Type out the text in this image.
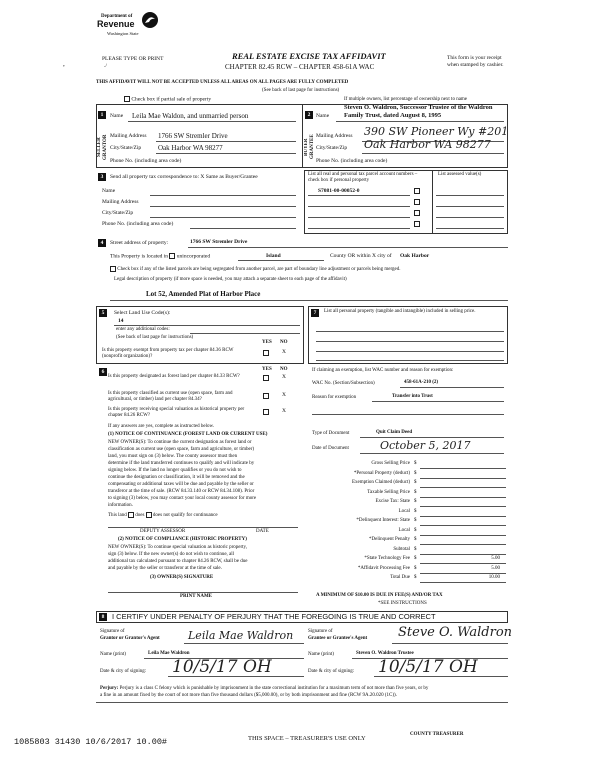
Department of
Revenue
Washington State
PLEASE TYPE OR PRINT
./
,
REAL ESTATE EXCISE TAX AFFIDAVIT
CHAPTER 82.45 RCW – CHAPTER 458-61A WAC
This form is your receipt
when stamped by cashier.
THIS AFFIDAVIT WILL NOT BE ACCEPTED UNLESS ALL AREAS ON ALL PAGES ARE FULLY COMPLETED
(See back of last page for instructions)
Check box if partial sale of property	If multiple owners, list percentage of ownership next to name
SELLER GRANTOR
1	Name Leila Mae Waldon, and unmarried person
Mailing Address 1766 SW Stremler Drive
City/State/Zip Oak Harbor WA 98277
Phone No. (including area code)
BUYER GRANTEE
2	Name
Steven O. Waldron, Successor Trustee of the Waldron
Family Trust, dated August 8, 1995
Mailing Address 390 SW Pioneer Wy #201
City/State/Zip Oak Harbor WA 98277
Phone No. (including area code)
3	Send all property tax correspondence to: X Same as Buyer/Grantee
Name
Mailing Address
City/State/Zip
Phone No. (including area code)
List all real and personal tax parcel account numbers – check box if personal property
List assessed value(s)
S7081-00-00052-0
4	Street address of property:	1766 SW Stremler Drive
This Property is located in unincorporated	Island	County OR within X city of Oak Harbor
Check box if any of the listed parcels are being segregated from another parcel, are part of boundary line adjustment or parcels being merged.
Legal description of property (if more space is needed, you may attach a separate sheet to each page of the affidavit)
Lot 52, Amended Plat of Harbor Place
5	Select Land Use Code(s):
14
enter any additional codes:
(See back of last page for instructions)
YES NO
Is this property exempt from property tax per chapter 84.36 RCW (nonprofit organization)?
X
6	YES NO
Is this property designated as forest land per chapter 84.33 RCW?	X
Is this property classified as current use (open space, farm and agricultural, or timber) land per chapter 84.34?
X
Is this property receiving special valuation as historical property per chapter 84.26 RCW?
X
If any answers are yes, complete as instructed below.
(1) NOTICE OF CONTINUANCE (FOREST LAND OR CURRENT USE)
NEW OWNER(S): To continue the current designation as forest land or
classification as current use (open space, farm and agriculture, or timber)
land, you must sign on (3) below. The county assessor must then
determine if the land transferred continues to qualify and will indicate by
signing below. If the land no longer qualifies or you do not wish to
continue the designation or classification, it will be removed and the
compensating or additional taxes will be due and payable by the seller or
transferor at the time of sale. (RCW 84.33.140 or RCW 84.34.108). Prior
to signing (3) below, you may contact your local county assessor for more
information.
This land does does not qualify for continuance
DEPUTY ASSESSOR	DATE
(2) NOTICE OF COMPLIANCE (HISTORIC PROPERTY)
NEW OWNER(S): To continue special valuation as historic property,
sign (3) below. If the new owner(s) do not wish to continue, all
additional tax calculated pursuant to chapter 84.26 RCW, shall be due
and payable by the seller or transferor at the time of sale.
(3) OWNER(S) SIGNATURE
PRINT NAME
7	List all personal property (tangible and intangible) included in selling price.
If claiming an exemption, list WAC number and reason for exemption:
WAC No. (Section/Subsection)	458-61A-210 (2)
Reason for exemption	Transfer into Trust
Type of Document	Quit Claim Deed
Date of Document	October 5, 2017
Gross Selling Price $
*Personal Property (deduct) $
Exemption Claimed (deduct) $
Taxable Selling Price $
Excise Tax: State $
Local $
*Delinquent Interest: State $
Local $
*Delinquent Penalty $
Subtotal $
*State Technology Fee $	5.00
*Affidavit Processing Fee $	5.00
Total Due $	10.00
A MINIMUM OF $10.00 IS DUE IN FEE(S) AND/OR TAX
*SEE INSTRUCTIONS
8	I CERTIFY UNDER PENALTY OF PERJURY THAT THE FOREGOING IS TRUE AND CORRECT
Signature of
Grantor or Grantor's Agent	Leila Mae Waldron	Signature of
Grantee or Grantee's Agent Steve O. Waldron
Name (print)	Leila Mae Waldron	Name (print)	Steven O. Waldron Trustee
Date & city of signing: 10/5/17 OH	Date & city of signing: 10/5/17 OH
Perjury: Perjury is a class C felony which is punishable by imprisonment in the state correctional institution for a maximum term of not more than five years, or by
a fine in an amount fixed by the court of not more than five thousand dollars ($5,000.00), or by both imprisonment and fine (RCW 9A.20.020 (1C)).
1085803 31430 10/6/2017 10.00#	THIS SPACE – TREASURER'S USE ONLY
COUNTY TREASURER
